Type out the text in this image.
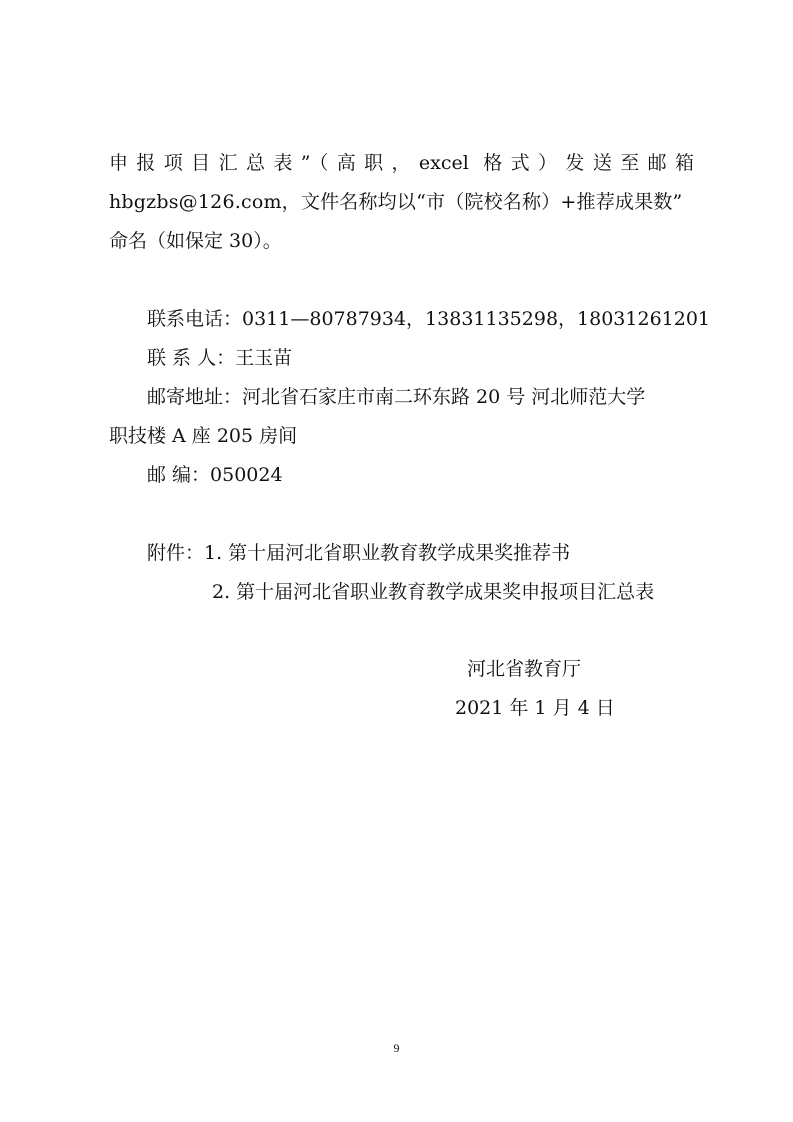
申报项目汇总表”（高职，excel 格式）发送至邮箱
hbgzbs@126.com，文件名称均以“市（院校名称）+推荐成果数”
命名（如保定 30）。
联系电话：0311—80787934，13831135298，18031261201
联 系 人：王玉苗
邮寄地址：河北省石家庄市南二环东路 20 号 河北师范大学
职技楼 A 座 205 房间
邮 编：050024
附件：1. 第十届河北省职业教育教学成果奖推荐书
2. 第十届河北省职业教育教学成果奖申报项目汇总表
河北省教育厅
2021 年 1 月 4 日
9
